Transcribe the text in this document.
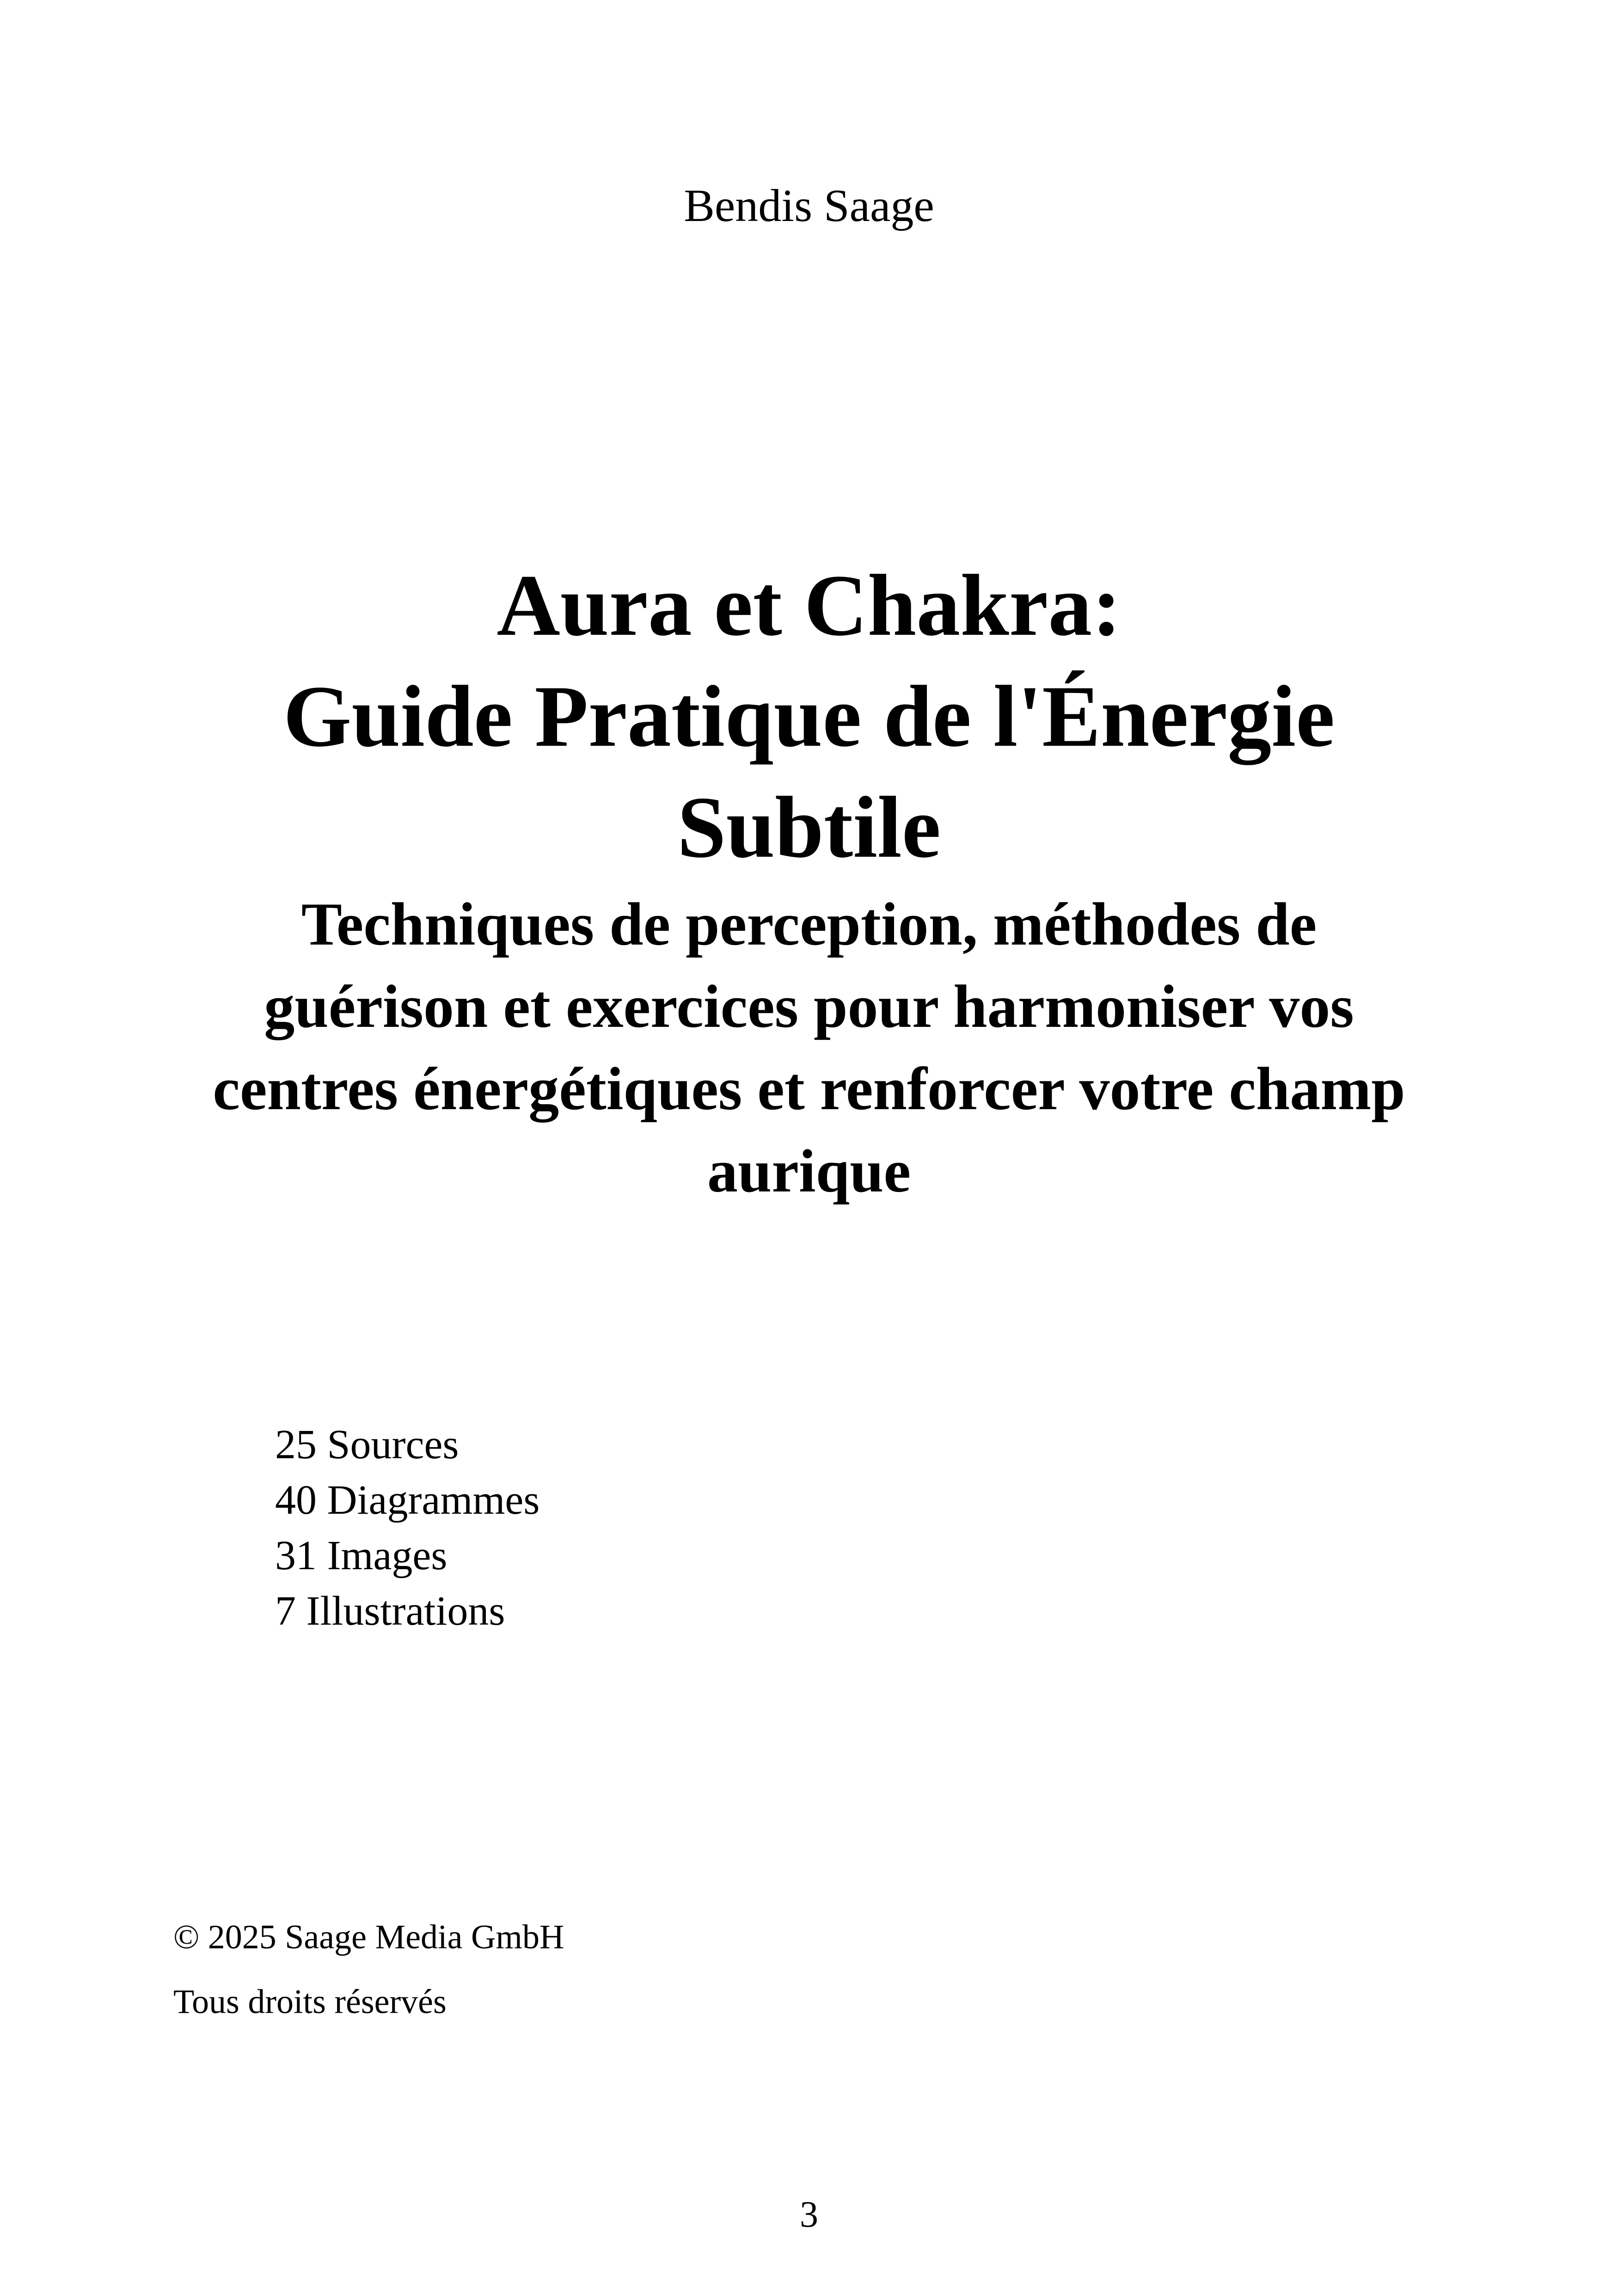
Bendis Saage
Aura et Chakra:
Guide Pratique de l'Énergie
Subtile
Techniques de perception, méthodes de
guérison et exercices pour harmoniser vos
centres énergétiques et renforcer votre champ
aurique
25 Sources
40 Diagrammes
31 Images
7 Illustrations
© 2025 Saage Media GmbH
Tous droits réservés
3
